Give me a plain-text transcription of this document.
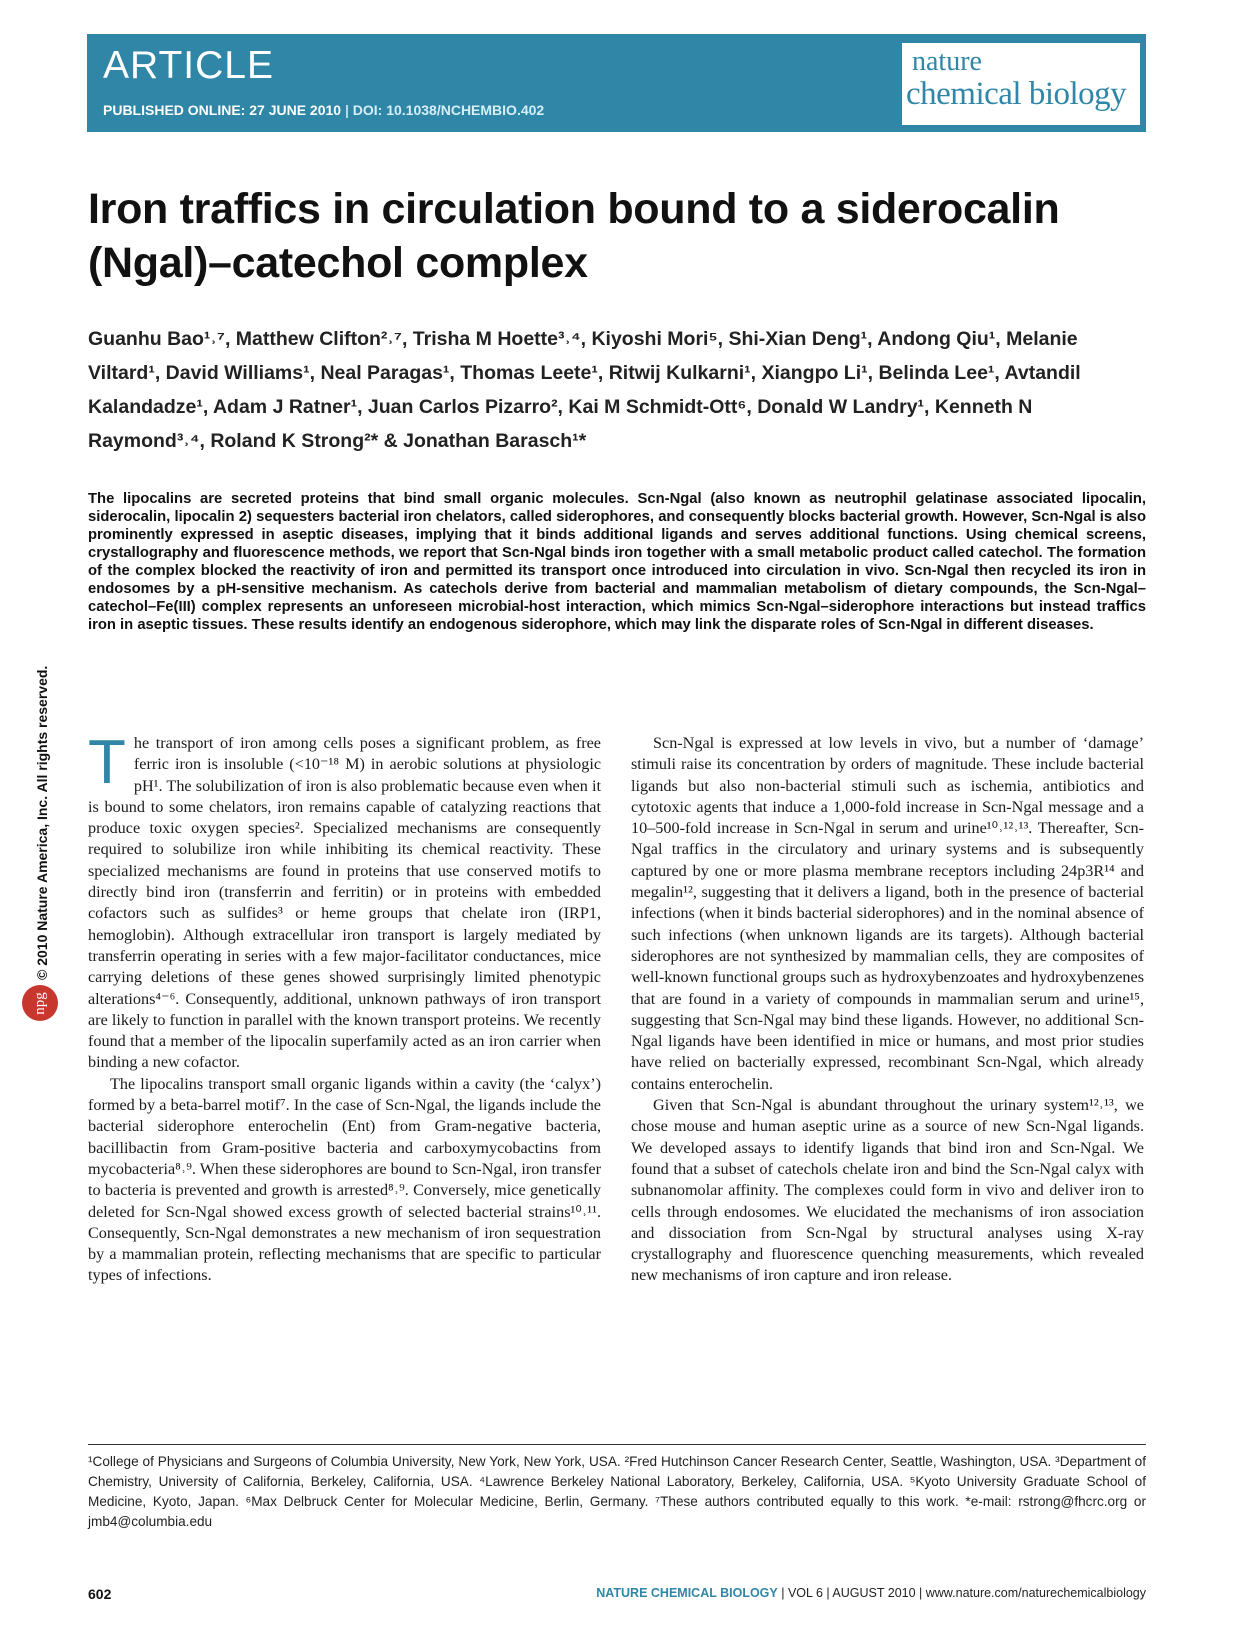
ARTICLE
PUBLISHED ONLINE: 27 JUNE 2010 | DOI: 10.1038/NCHEMBIO.402
nature
chemical biology
Iron traffics in circulation bound to a siderocalin (Ngal)–catechol complex
Guanhu Bao¹˒⁷, Matthew Clifton²˒⁷, Trisha M Hoette³˒⁴, Kiyoshi Mori⁵, Shi-Xian Deng¹, Andong Qiu¹, Melanie Viltard¹, David Williams¹, Neal Paragas¹, Thomas Leete¹, Ritwij Kulkarni¹, Xiangpo Li¹, Belinda Lee¹, Avtandil Kalandadze¹, Adam J Ratner¹, Juan Carlos Pizarro², Kai M Schmidt-Ott⁶, Donald W Landry¹, Kenneth N Raymond³˒⁴, Roland K Strong²* & Jonathan Barasch¹*
The lipocalins are secreted proteins that bind small organic molecules. Scn-Ngal (also known as neutrophil gelatinase associated lipocalin, siderocalin, lipocalin 2) sequesters bacterial iron chelators, called siderophores, and consequently blocks bacterial growth. However, Scn-Ngal is also prominently expressed in aseptic diseases, implying that it binds additional ligands and serves additional functions. Using chemical screens, crystallography and fluorescence methods, we report that Scn-Ngal binds iron together with a small metabolic product called catechol. The formation of the complex blocked the reactivity of iron and permitted its transport once introduced into circulation in vivo. Scn-Ngal then recycled its iron in endosomes by a pH-sensitive mechanism. As catechols derive from bacterial and mammalian metabolism of dietary compounds, the Scn-Ngal–catechol–Fe(III) complex represents an unforeseen microbial-host interaction, which mimics Scn-Ngal–siderophore interactions but instead traffics iron in aseptic tissues. These results identify an endogenous siderophore, which may link the disparate roles of Scn-Ngal in different diseases.

The transport of iron among cells poses a significant problem, as free ferric iron is insoluble (<10⁻¹⁸ M) in aerobic solutions at physiologic pH¹. The solubilization of iron is also problematic because even when it is bound to some chelators, iron remains capable of catalyzing reactions that produce toxic oxygen species². Specialized mechanisms are consequently required to solubilize iron while inhibiting its chemical reactivity. These specialized mechanisms are found in proteins that use conserved motifs to directly bind iron (transferrin and ferritin) or in proteins with embedded cofactors such as sulfides³ or heme groups that chelate iron (IRP1, hemoglobin). Although extracellular iron transport is largely mediated by transferrin operating in series with a few major-facilitator conductances, mice carrying deletions of these genes showed surprisingly limited phenotypic alterations⁴⁻⁶. Consequently, additional, unknown pathways of iron transport are likely to function in parallel with the known transport proteins. We recently found that a member of the lipocalin superfamily acted as an iron carrier when binding a new cofactor.

The lipocalins transport small organic ligands within a cavity (the ‘calyx’) formed by a beta-barrel motif⁷. In the case of Scn-Ngal, the ligands include the bacterial siderophore enterochelin (Ent) from Gram-negative bacteria, bacillibactin from Gram-positive bacteria and carboxymycobactins from mycobacteria⁸˒⁹. When these siderophores are bound to Scn-Ngal, iron transfer to bacteria is prevented and growth is arrested⁸˒⁹. Conversely, mice genetically deleted for Scn-Ngal showed excess growth of selected bacterial strains¹⁰˒¹¹. Consequently, Scn-Ngal demonstrates a new mechanism of iron sequestration by a mammalian protein, reflecting mechanisms that are specific to particular types of infections.

Scn-Ngal is expressed at low levels in vivo, but a number of ‘damage’ stimuli raise its concentration by orders of magnitude. These include bacterial ligands but also non-bacterial stimuli such as ischemia, antibiotics and cytotoxic agents that induce a 1,000-fold increase in Scn-Ngal message and a 10–500-fold increase in Scn-Ngal in serum and urine¹⁰˒¹²˒¹³. Thereafter, Scn-Ngal traffics in the circulatory and urinary systems and is subsequently captured by one or more plasma membrane receptors including 24p3R¹⁴ and megalin¹², suggesting that it delivers a ligand, both in the presence of bacterial infections (when it binds bacterial siderophores) and in the nominal absence of such infections (when unknown ligands are its targets). Although bacterial siderophores are not synthesized by mammalian cells, they are composites of well-known functional groups such as hydroxybenzoates and hydroxybenzenes that are found in a variety of compounds in mammalian serum and urine¹⁵, suggesting that Scn-Ngal may bind these ligands. However, no additional Scn-Ngal ligands have been identified in mice or humans, and most prior studies have relied on bacterially expressed, recombinant Scn-Ngal, which already contains enterochelin.

Given that Scn-Ngal is abundant throughout the urinary system¹²˒¹³, we chose mouse and human aseptic urine as a source of new Scn-Ngal ligands. We developed assays to identify ligands that bind iron and Scn-Ngal. We found that a subset of catechols chelate iron and bind the Scn-Ngal calyx with subnanomolar affinity. The complexes could form in vivo and deliver iron to cells through endosomes. We elucidated the mechanisms of iron association and dissociation from Scn-Ngal by structural analyses using X-ray crystallography and fluorescence quenching measurements, which revealed new mechanisms of iron capture and iron release.

¹College of Physicians and Surgeons of Columbia University, New York, New York, USA. ²Fred Hutchinson Cancer Research Center, Seattle, Washington, USA. ³Department of Chemistry, University of California, Berkeley, California, USA. ⁴Lawrence Berkeley National Laboratory, Berkeley, California, USA. ⁵Kyoto University Graduate School of Medicine, Kyoto, Japan. ⁶Max Delbruck Center for Molecular Medicine, Berlin, Germany. ⁷These authors contributed equally to this work. *e-mail: rstrong@fhcrc.org or jmb4@columbia.edu
602	NATURE CHEMICAL BIOLOGY | VOL 6 | AUGUST 2010 | www.nature.com/naturechemicalbiology
© 2010 Nature America, Inc. All rights reserved.
npg
